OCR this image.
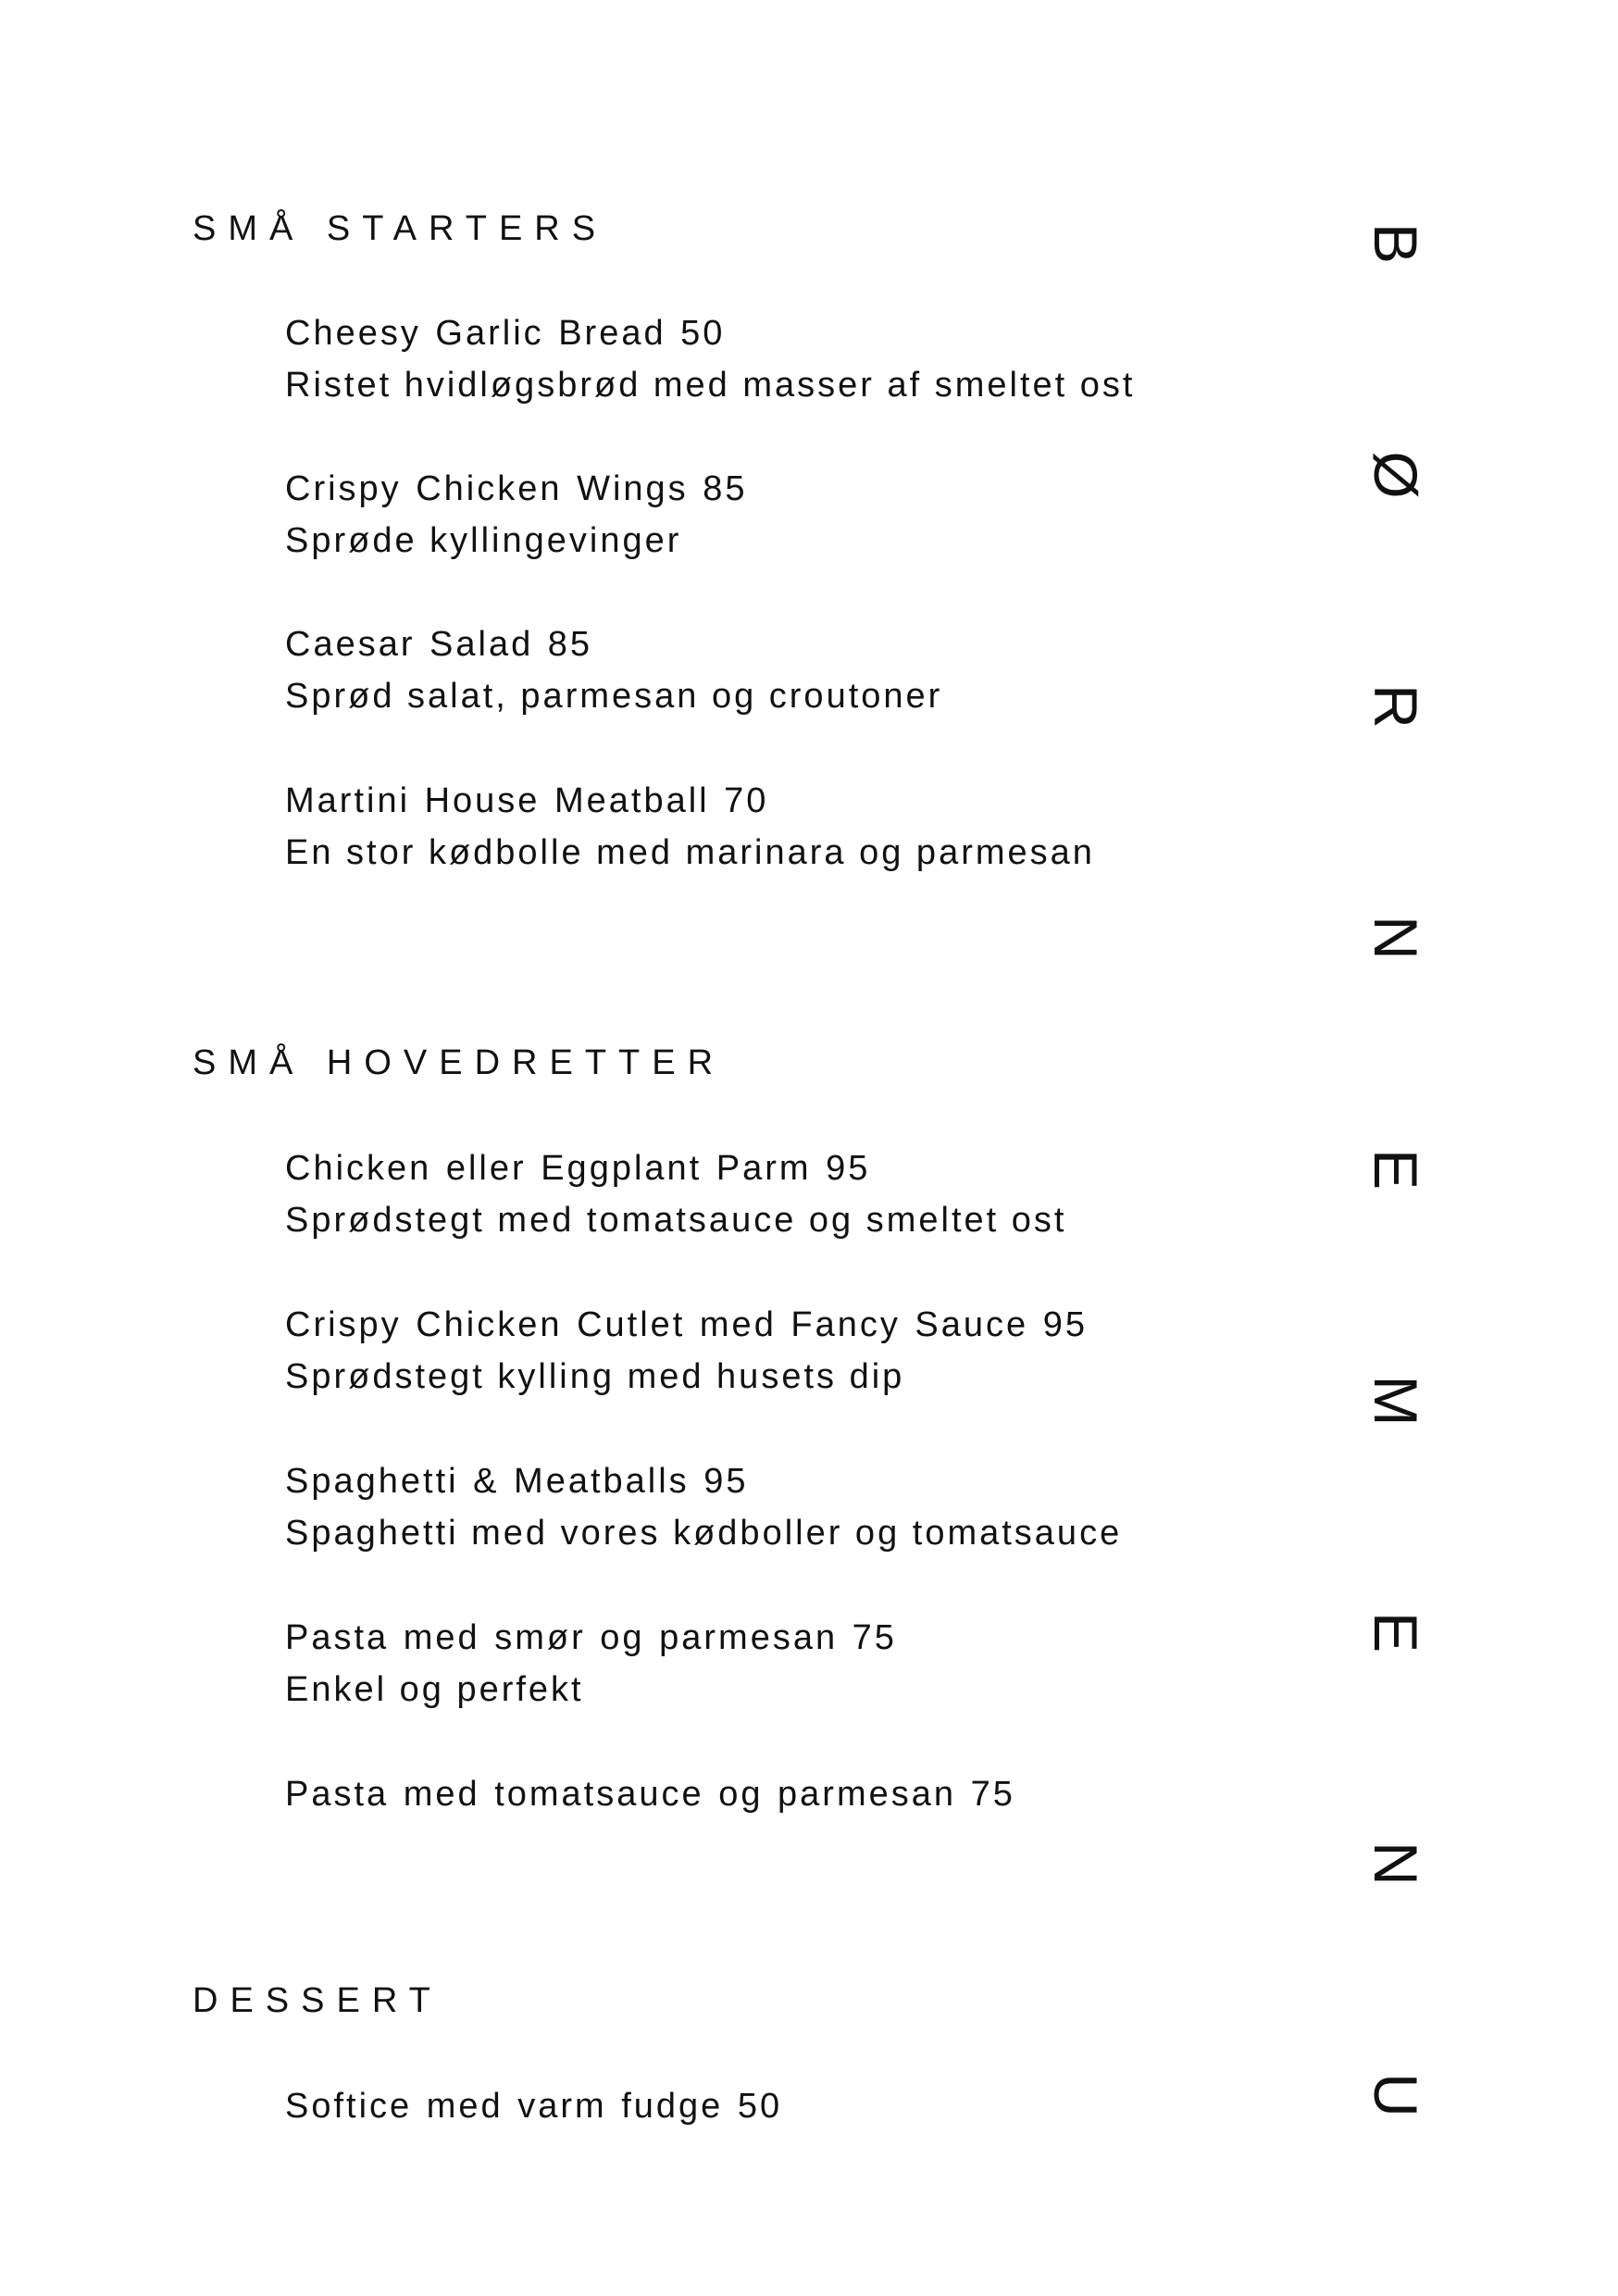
SMÅ STARTERS
Cheesy Garlic Bread 50
Ristet hvidløgsbrød med masser af smeltet ost
Crispy Chicken Wings 85
Sprøde kyllingevinger
Caesar Salad 85
Sprød salat, parmesan og croutoner
Martini House Meatball 70
En stor kødbolle med marinara og parmesan
SMÅ HOVEDRETTER
Chicken eller Eggplant Parm 95
Sprødstegt med tomatsauce og smeltet ost
Crispy Chicken Cutlet med Fancy Sauce 95
Sprødstegt kylling med husets dip
Spaghetti & Meatballs 95
Spaghetti med vores kødboller og tomatsauce
Pasta med smør og parmesan 75
Enkel og perfekt
Pasta med tomatsauce og parmesan 75
DESSERT
Softice med varm fudge 50
B
Ø
R
N
E
M
E
N
U
